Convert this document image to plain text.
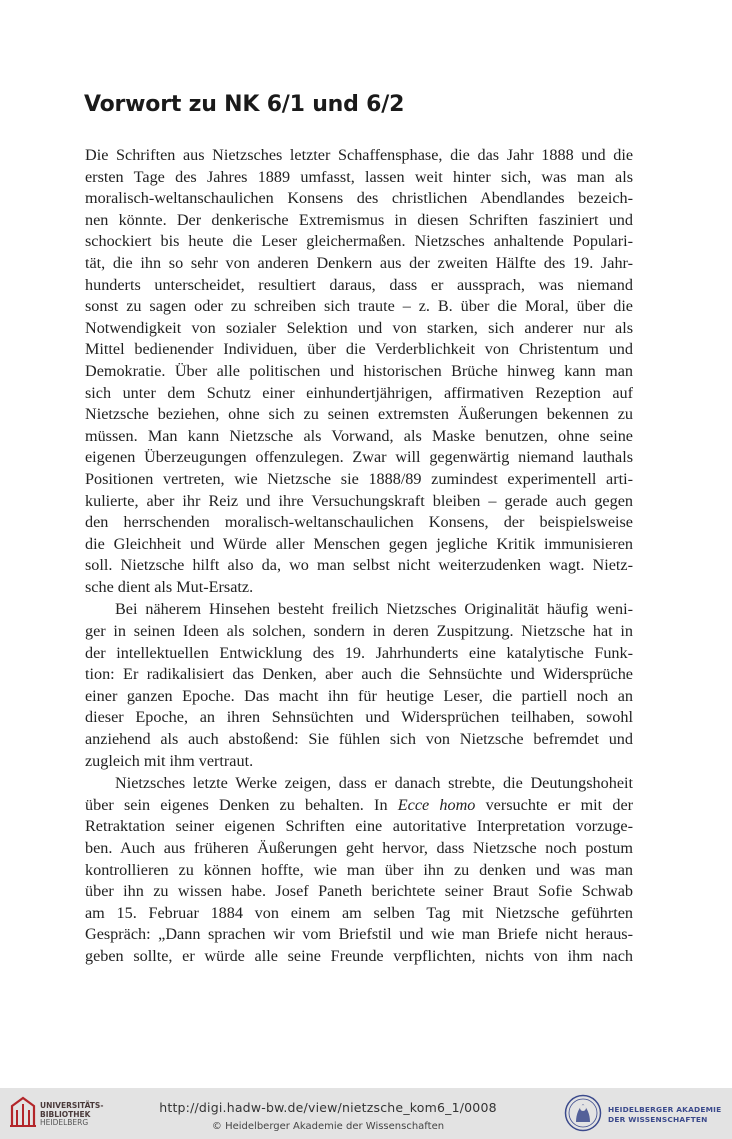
Vorwort zu NK 6/1 und 6/2
Die Schriften aus Nietzsches letzter Schaffensphase, die das Jahr 1888 und die
ersten Tage des Jahres 1889 umfasst, lassen weit hinter sich, was man als
moralisch-weltanschaulichen Konsens des christlichen Abendlandes bezeich-
nen könnte. Der denkerische Extremismus in diesen Schriften fasziniert und
schockiert bis heute die Leser gleichermaßen. Nietzsches anhaltende Populari-
tät, die ihn so sehr von anderen Denkern aus der zweiten Hälfte des 19. Jahr-
hunderts unterscheidet, resultiert daraus, dass er aussprach, was niemand
sonst zu sagen oder zu schreiben sich traute – z. B. über die Moral, über die
Notwendigkeit von sozialer Selektion und von starken, sich anderer nur als
Mittel bedienender Individuen, über die Verderblichkeit von Christentum und
Demokratie. Über alle politischen und historischen Brüche hinweg kann man
sich unter dem Schutz einer einhundertjährigen, affirmativen Rezeption auf
Nietzsche beziehen, ohne sich zu seinen extremsten Äußerungen bekennen zu
müssen. Man kann Nietzsche als Vorwand, als Maske benutzen, ohne seine
eigenen Überzeugungen offenzulegen. Zwar will gegenwärtig niemand lauthals
Positionen vertreten, wie Nietzsche sie 1888/89 zumindest experimentell arti-
kulierte, aber ihr Reiz und ihre Versuchungskraft bleiben – gerade auch gegen
den herrschenden moralisch-weltanschaulichen Konsens, der beispielsweise
die Gleichheit und Würde aller Menschen gegen jegliche Kritik immunisieren
soll. Nietzsche hilft also da, wo man selbst nicht weiterzudenken wagt. Nietz-
sche dient als Mut-Ersatz.
Bei näherem Hinsehen besteht freilich Nietzsches Originalität häufig weni-
ger in seinen Ideen als solchen, sondern in deren Zuspitzung. Nietzsche hat in
der intellektuellen Entwicklung des 19. Jahrhunderts eine katalytische Funk-
tion: Er radikalisiert das Denken, aber auch die Sehnsüchte und Widersprüche
einer ganzen Epoche. Das macht ihn für heutige Leser, die partiell noch an
dieser Epoche, an ihren Sehnsüchten und Widersprüchen teilhaben, sowohl
anziehend als auch abstoßend: Sie fühlen sich von Nietzsche befremdet und
zugleich mit ihm vertraut.
Nietzsches letzte Werke zeigen, dass er danach strebte, die Deutungshoheit
über sein eigenes Denken zu behalten. In Ecce homo versuchte er mit der
Retraktation seiner eigenen Schriften eine autoritative Interpretation vorzuge-
ben. Auch aus früheren Äußerungen geht hervor, dass Nietzsche noch postum
kontrollieren zu können hoffte, wie man über ihn zu denken und was man
über ihn zu wissen habe. Josef Paneth berichtete seiner Braut Sofie Schwab
am 15. Februar 1884 von einem am selben Tag mit Nietzsche geführten
Gespräch: „Dann sprachen wir vom Briefstil und wie man Briefe nicht heraus-
geben sollte, er würde alle seine Freunde verpflichten, nichts von ihm nach
UNIVERSITÄTS-
BIBLIOTHEK
HEIDELBERG
http://digi.hadw-bw.de/view/nietzsche_kom6_1/0008
© Heidelberger Akademie der Wissenschaften
HEIDELBERGER AKADEMIE
DER WISSENSCHAFTEN
